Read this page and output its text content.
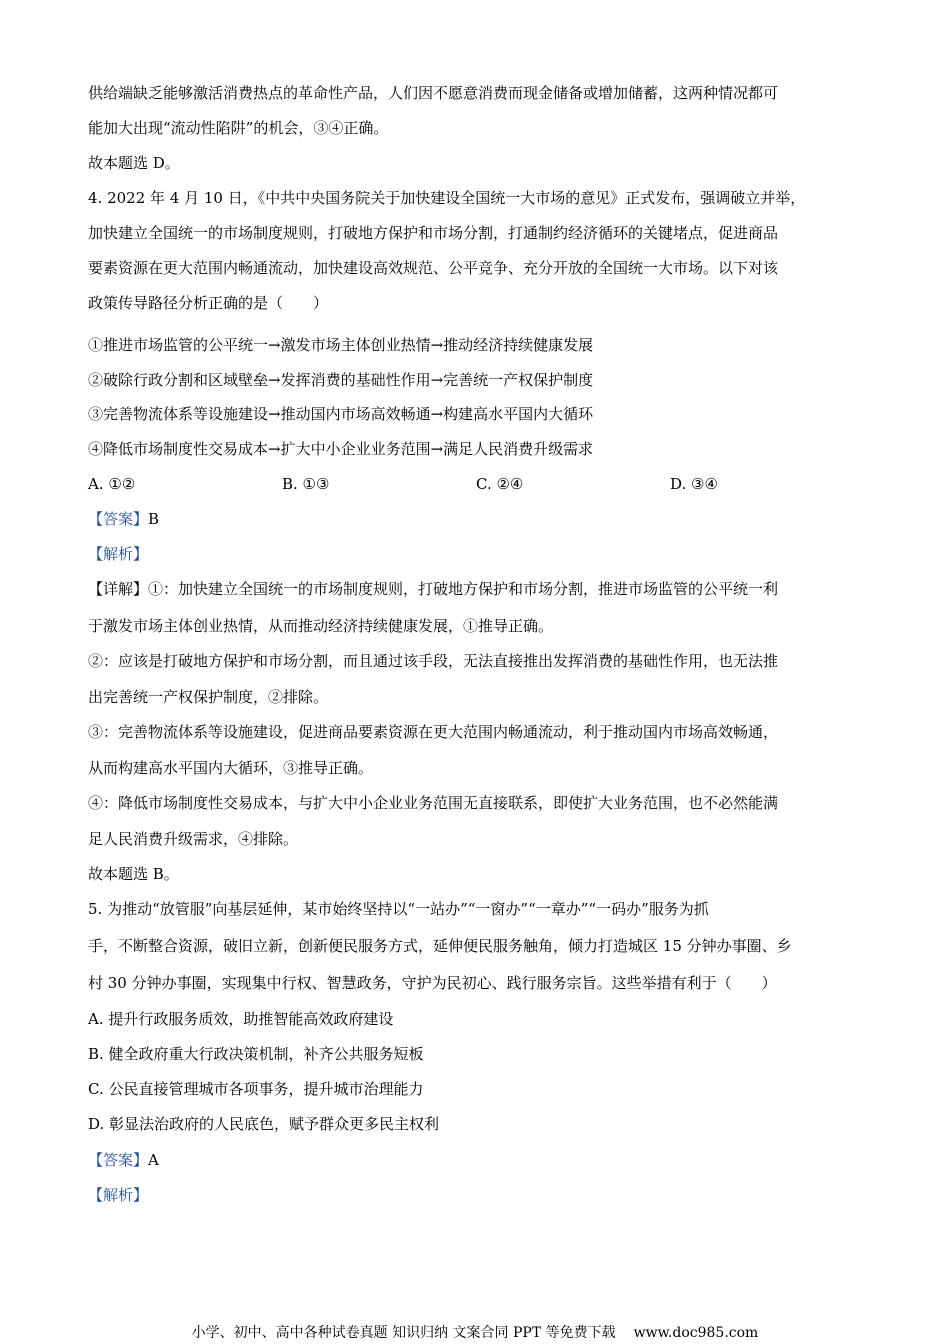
供给端缺乏能够激活消费热点的革命性产品，人们因不愿意消费而现金储备或增加储蓄，这两种情况都可
能加大出现“流动性陷阱”的机会，③④正确。
故本题选 D。
4. 2022 年 4 月 10 日，《中共中央国务院关于加快建设全国统一大市场的意见》正式发布，强调破立并举，
加快建立全国统一的市场制度规则，打破地方保护和市场分割，打通制约经济循环的关键堵点，促进商品
要素资源在更大范围内畅通流动，加快建设高效规范、公平竞争、充分开放的全国统一大市场。以下对该
政策传导路径分析正确的是（　　）
①推进市场监管的公平统一→激发市场主体创业热情→推动经济持续健康发展
②破除行政分割和区域壁垒→发挥消费的基础性作用→完善统一产权保护制度
③完善物流体系等设施建设→推动国内市场高效畅通→构建高水平国内大循环
④降低市场制度性交易成本→扩大中小企业业务范围→满足人民消费升级需求
A. ①②	B. ①③	C. ②④	D. ③④
【答案】B
【解析】
【详解】①：加快建立全国统一的市场制度规则，打破地方保护和市场分割，推进市场监管的公平统一利
于激发市场主体创业热情，从而推动经济持续健康发展，①推导正确。
②：应该是打破地方保护和市场分割，而且通过该手段，无法直接推出发挥消费的基础性作用，也无法推
出完善统一产权保护制度，②排除。
③：完善物流体系等设施建设，促进商品要素资源在更大范围内畅通流动，利于推动国内市场高效畅通，
从而构建高水平国内大循环，③推导正确。
④：降低市场制度性交易成本，与扩大中小企业业务范围无直接联系，即使扩大业务范围，也不必然能满
足人民消费升级需求，④排除。
故本题选 B。
5. 为推动“放管服”向基层延伸，某市始终坚持以“一站办”“一窗办”“一章办”“一码办”服务为抓
手，不断整合资源，破旧立新，创新便民服务方式，延伸便民服务触角，倾力打造城区 15 分钟办事圈、乡
村 30 分钟办事圈，实现集中行权、智慧政务，守护为民初心、践行服务宗旨。这些举措有利于（　　）
A. 提升行政服务质效，助推智能高效政府建设
B. 健全政府重大行政决策机制，补齐公共服务短板
C. 公民直接管理城市各项事务，提升城市治理能力
D. 彰显法治政府的人民底色，赋予群众更多民主权利
【答案】A
【解析】
小学、初中、高中各种试卷真题 知识归纳 文案合同 PPT 等免费下载 www.doc985.com
